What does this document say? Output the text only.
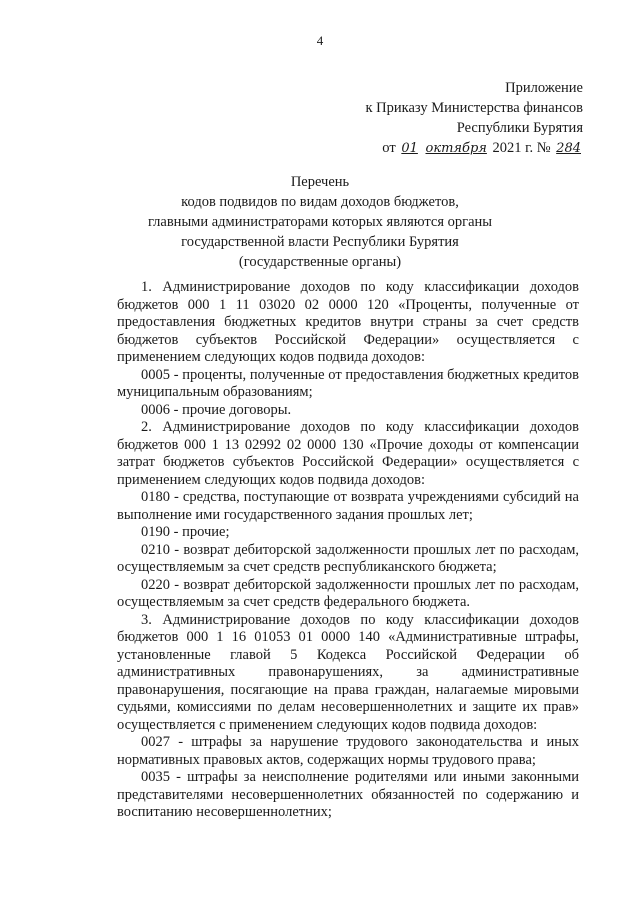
4
Приложение
к Приказу Министерства финансов
Республики Бурятия
от 01 октября 2021 г. № 284
Перечень
кодов подвидов по видам доходов бюджетов,
главными администраторами которых являются органы
государственной власти Республики Бурятия
(государственные органы)

1. Администрирование доходов по коду классификации доходов бюджетов 000 1 11 03020 02 0000 120 «Проценты, полученные от предоставления бюджетных кредитов внутри страны за счет средств бюджетов субъектов Российской Федерации» осуществляется с применением следующих кодов подвида доходов:

0005 - проценты, полученные от предоставления бюджетных кредитов муниципальным образованиям;

0006 - прочие договоры.

2. Администрирование доходов по коду классификации доходов бюджетов 000 1 13 02992 02 0000 130 «Прочие доходы от компенсации затрат бюджетов субъектов Российской Федерации» осуществляется с применением следующих кодов подвида доходов:

0180 - средства, поступающие от возврата учреждениями субсидий на выполнение ими государственного задания прошлых лет;

0190 - прочие;

0210 - возврат дебиторской задолженности прошлых лет по расходам, осуществляемым за счет средств республиканского бюджета;

0220 - возврат дебиторской задолженности прошлых лет по расходам, осуществляемым за счет средств федерального бюджета.

3. Администрирование доходов по коду классификации доходов бюджетов 000 1 16 01053 01 0000 140 «Административные штрафы, установленные главой 5 Кодекса Российской Федерации об административных правонарушениях, за административные правонарушения, посягающие на права граждан, налагаемые мировыми судьями, комиссиями по делам несовершеннолетних и защите их прав» осуществляется с применением следующих кодов подвида доходов:

0027 - штрафы за нарушение трудового законодательства и иных нормативных правовых актов, содержащих нормы трудового права;

0035 - штрафы за неисполнение родителями или иными законными представителями несовершеннолетних обязанностей по содержанию и воспитанию несовершеннолетних;
